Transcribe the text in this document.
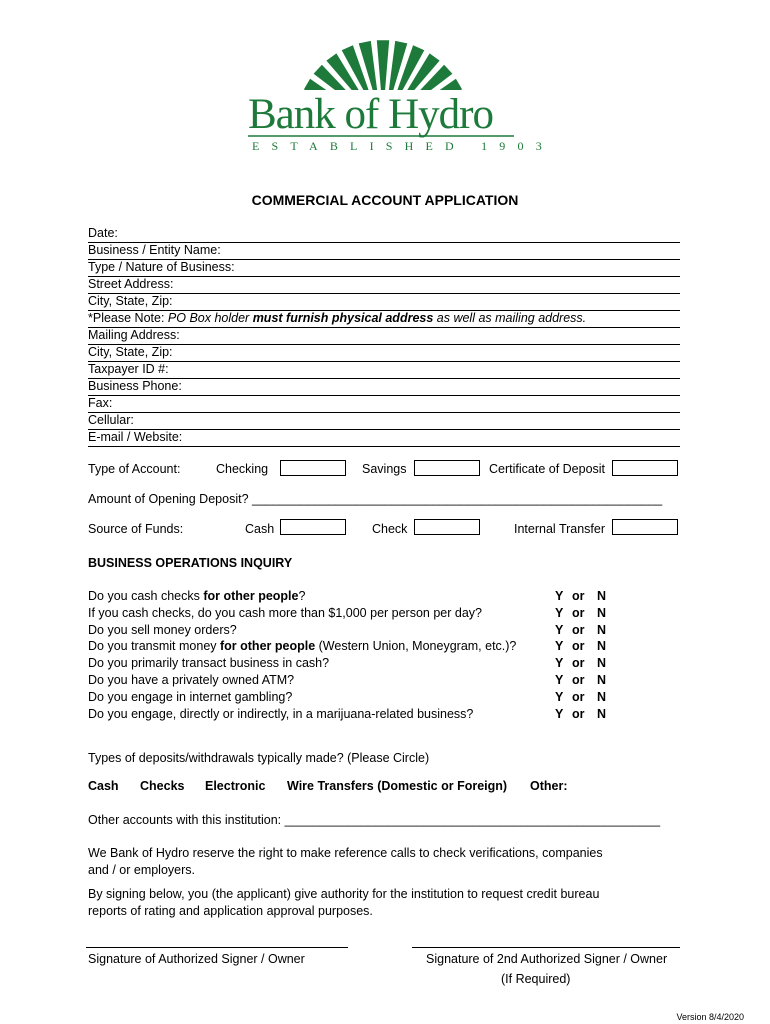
Bank of Hydro
ESTABLISHED 1903
COMMERCIAL ACCOUNT APPLICATION
Date:
Business / Entity Name:
Type / Nature of Business:
Street Address:
City, State, Zip:
*Please Note: PO Box holder must furnish physical address as well as mailing address.
Mailing Address:
City, State, Zip:
Taxpayer ID #:
Business Phone:
Fax:
Cellular:
E-mail / Website:
Type of Account:	Checking	Savings	Certificate of Deposit
Amount of Opening Deposit? ___________________________________________________________
Source of Funds:	Cash	Check	Internal Transfer
BUSINESS OPERATIONS INQUIRY
Do you cash checks for other people?	Y or N
If you cash checks, do you cash more than $1,000 per person per day?	Y or N
Do you sell money orders?	Y or N
Do you transmit money for other people (Western Union, Moneygram, etc.)?	Y or N
Do you primarily transact business in cash?	Y or N
Do you have a privately owned ATM?	Y or N
Do you engage in internet gambling?	Y or N
Do you engage, directly or indirectly, in a marijuana-related business?	Y or N
Types of deposits/withdrawals typically made? (Please Circle)
Cash Checks Electronic Wire Transfers (Domestic or Foreign) Other:
Other accounts with this institution: ______________________________________________________
We Bank of Hydro reserve the right to make reference calls to check verifications, companies
and / or employers.
By signing below, you (the applicant) give authority for the institution to request credit bureau
reports of rating and application approval purposes.
Signature of Authorized Signer / Owner	Signature of 2nd Authorized Signer / Owner
(If Required)
Version 8/4/2020
